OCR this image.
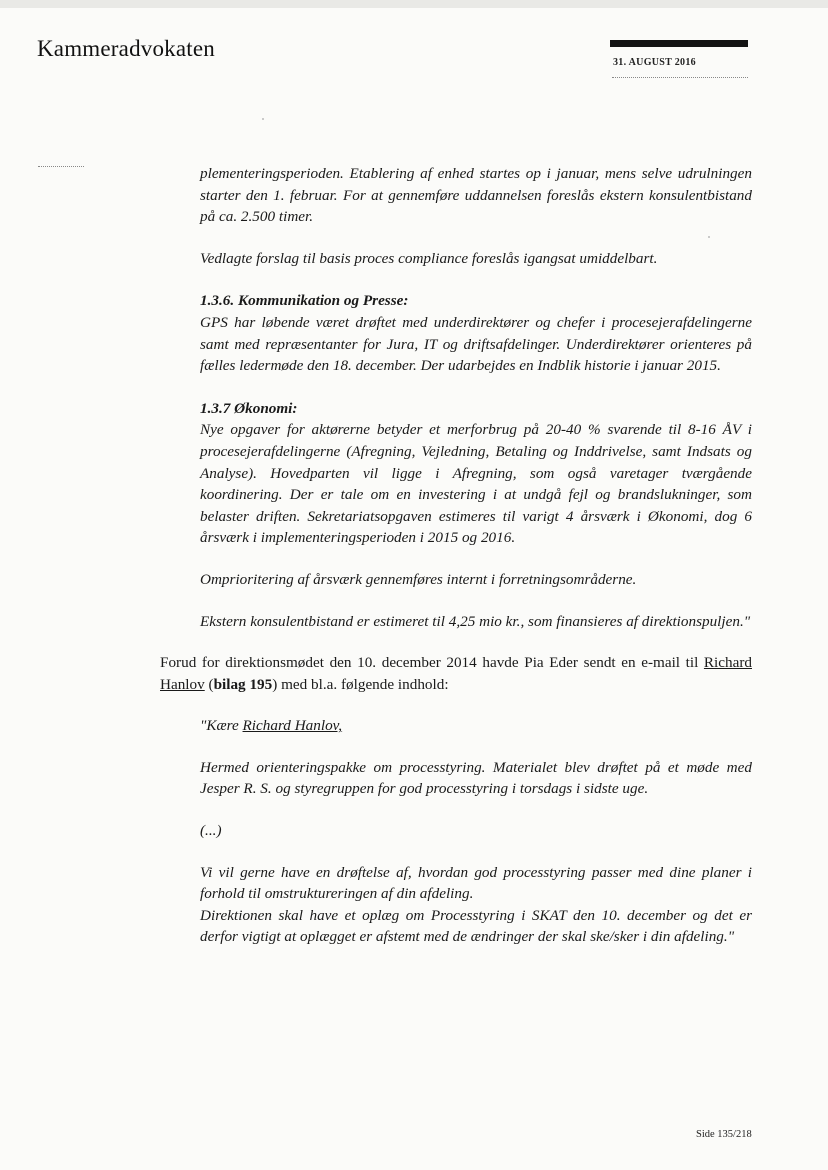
Kammeradvokaten
31. AUGUST 2016

plementeringsperioden. Etablering af enhed startes op i januar, mens selve udrulningen starter den 1. februar. For at gennemføre uddannelsen foreslås ekstern konsulentbistand på ca. 2.500 timer.

Vedlagte forslag til basis proces compliance foreslås igangsat umiddelbart.

1.3.6. Kommunikation og Presse:

GPS har løbende været drøftet med underdirektører og chefer i procesejerafdelingerne samt med repræsentanter for Jura, IT og driftsafdelinger. Underdirektører orienteres på fælles ledermøde den 18. december. Der udarbejdes en Indblik historie i januar 2015.

1.3.7 Økonomi:

Nye opgaver for aktørerne betyder et merforbrug på 20-40 % svarende til 8-16 ÅV i procesejerafdelingerne (Afregning, Vejledning, Betaling og Inddrivelse, samt Indsats og Analyse). Hovedparten vil ligge i Afregning, som også varetager tværgående koordinering. Der er tale om en investering i at undgå fejl og brandslukninger, som belaster driften. Sekretariatsopgaven estimeres til varigt 4 årsværk i Økonomi, dog 6 årsværk i implementeringsperioden i 2015 og 2016.

Omprioritering af årsværk gennemføres internt i forretningsområderne.

Ekstern konsulentbistand er estimeret til 4,25 mio kr., som finansieres af direktionspuljen."

Forud for direktionsmødet den 10. december 2014 havde Pia Eder sendt en e-mail til Richard Hanlov (bilag 195) med bl.a. følgende indhold:

"Kære Richard Hanlov,

Hermed orienteringspakke om processtyring. Materialet blev drøftet på et møde med Jesper R. S. og styregruppen for god processtyring i torsdags i sidste uge.

(...)

Vi vil gerne have en drøftelse af, hvordan god processtyring passer med dine planer i forhold til omstruktureringen af din afdeling.

Direktionen skal have et oplæg om Processtyring i SKAT den 10. december og det er derfor vigtigt at oplægget er afstemt med de ændringer der skal ske/sker i din afdeling."

Side 135/218
